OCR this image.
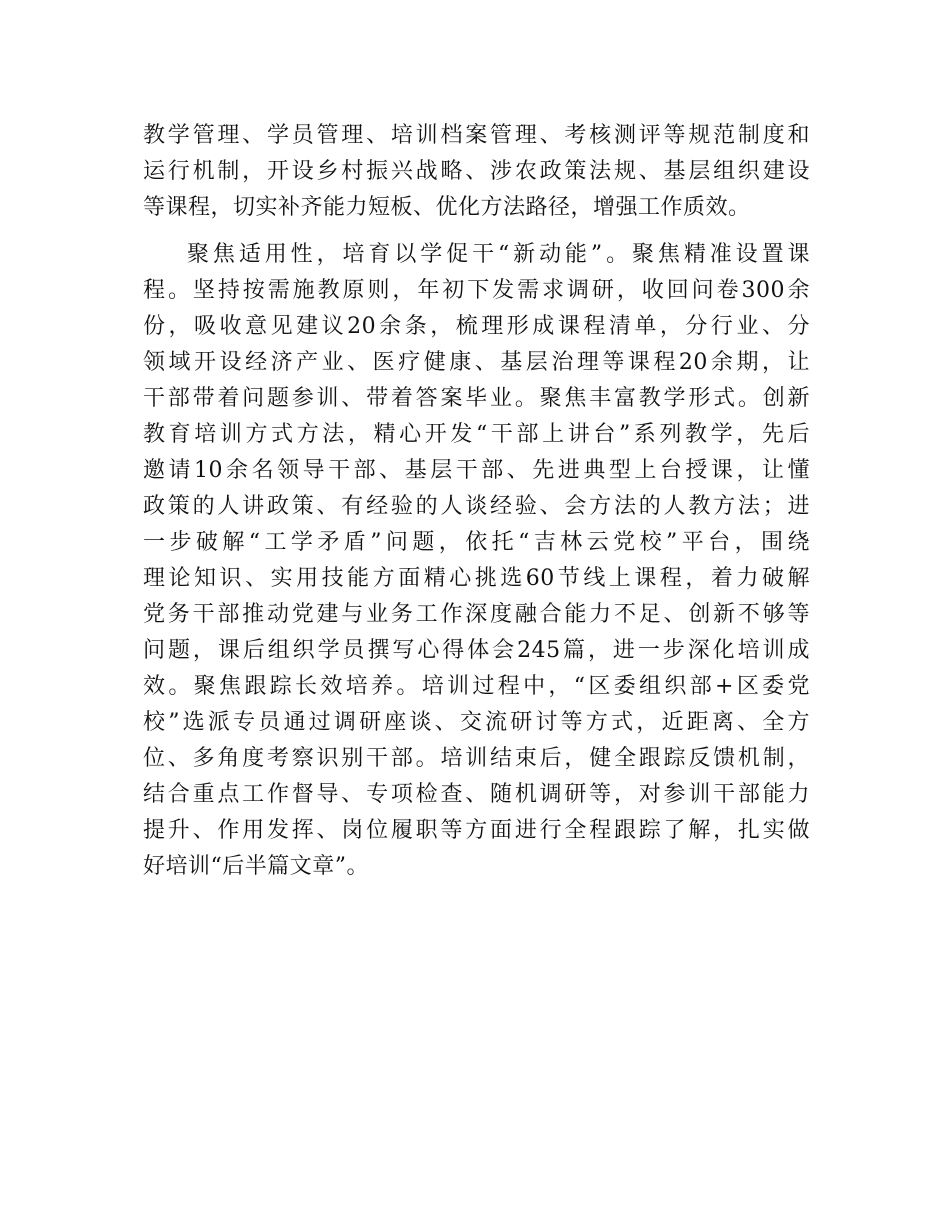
教学管理、学员管理、培训档案管理、考核测评等规范制度和
运行机制，开设乡村振兴战略、涉农政策法规、基层组织建设
等课程，切实补齐能力短板、优化方法路径，增强工作质效。
聚焦适用性，培育以学促干“新动能”。聚焦精准设置课
程。坚持按需施教原则，年初下发需求调研，收回问卷300余
份，吸收意见建议20余条，梳理形成课程清单，分行业、分
领域开设经济产业、医疗健康、基层治理等课程20余期，让
干部带着问题参训、带着答案毕业。聚焦丰富教学形式。创新
教育培训方式方法，精心开发“干部上讲台”系列教学，先后
邀请10余名领导干部、基层干部、先进典型上台授课，让懂
政策的人讲政策、有经验的人谈经验、会方法的人教方法；进
一步破解“工学矛盾”问题，依托“吉林云党校”平台，围绕
理论知识、实用技能方面精心挑选60节线上课程，着力破解
党务干部推动党建与业务工作深度融合能力不足、创新不够等
问题，课后组织学员撰写心得体会245篇，进一步深化培训成
效。聚焦跟踪长效培养。培训过程中，“区委组织部+区委党
校”选派专员通过调研座谈、交流研讨等方式，近距离、全方
位、多角度考察识别干部。培训结束后，健全跟踪反馈机制，
结合重点工作督导、专项检查、随机调研等，对参训干部能力
提升、作用发挥、岗位履职等方面进行全程跟踪了解，扎实做
好培训“后半篇文章”。
